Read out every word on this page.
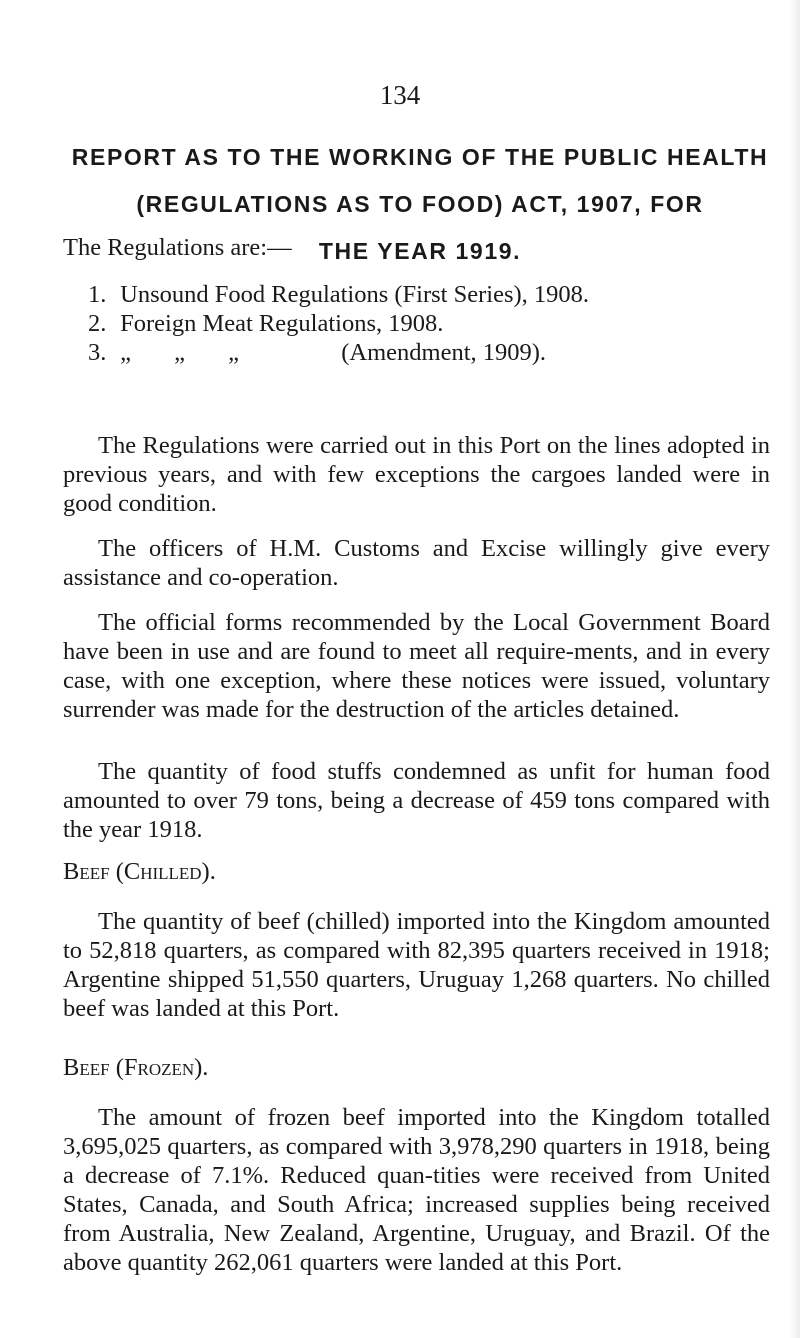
134
REPORT AS TO THE WORKING OF THE PUBLIC HEALTH
(REGULATIONS AS TO FOOD) ACT, 1907, FOR
THE YEAR 1919.
The Regulations are:—
1. Unsound Food Regulations (First Series), 1908.
2. Foreign Meat Regulations, 1908.
3. „ „ „	(Amendment, 1909).
The Regulations were carried out in this Port on the lines adopted in previous years, and with few exceptions the cargoes landed were in good condition.
The officers of H.M. Customs and Excise willingly give every assistance and co-operation.
The official forms recommended by the Local Government Board have been in use and are found to meet all require-ments, and in every case, with one exception, where these notices were issued, voluntary surrender was made for the destruction of the articles detained.
The quantity of food stuffs condemned as unfit for human food amounted to over 79 tons, being a decrease of 459 tons compared with the year 1918.
Beef (Chilled).
The quantity of beef (chilled) imported into the Kingdom amounted to 52,818 quarters, as compared with 82,395 quarters received in 1918; Argentine shipped 51,550 quarters, Uruguay 1,268 quarters. No chilled beef was landed at this Port.
Beef (Frozen).
The amount of frozen beef imported into the Kingdom totalled 3,695,025 quarters, as compared with 3,978,290 quarters in 1918, being a decrease of 7.1%. Reduced quan-tities were received from United States, Canada, and South Africa; increased supplies being received from Australia, New Zealand, Argentine, Uruguay, and Brazil. Of the above quantity 262,061 quarters were landed at this Port.
